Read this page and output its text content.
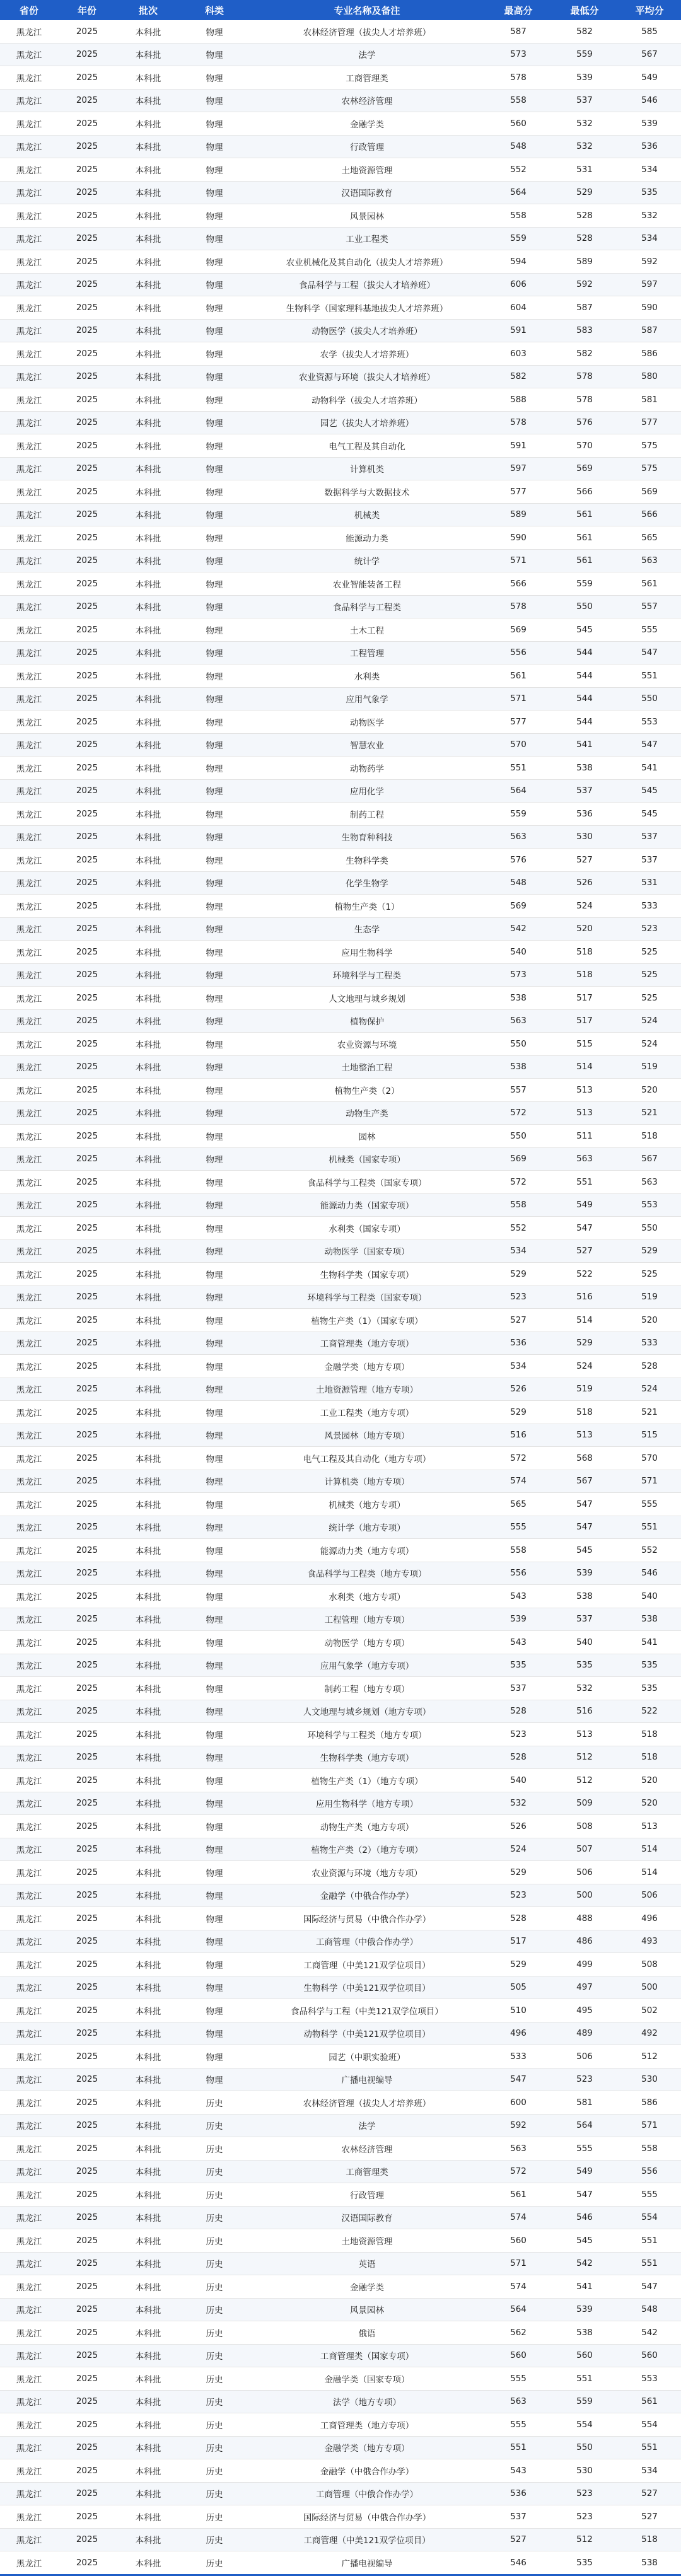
省份	年份	批次	科类	专业名称及备注	最高分	最低分	平均分
黑龙江	2025	本科批	物理	农林经济管理（拔尖人才培养班）	587	582	585
黑龙江	2025	本科批	物理	法学	573	559	567
黑龙江	2025	本科批	物理	工商管理类	578	539	549
黑龙江	2025	本科批	物理	农林经济管理	558	537	546
黑龙江	2025	本科批	物理	金融学类	560	532	539
黑龙江	2025	本科批	物理	行政管理	548	532	536
黑龙江	2025	本科批	物理	土地资源管理	552	531	534
黑龙江	2025	本科批	物理	汉语国际教育	564	529	535
黑龙江	2025	本科批	物理	风景园林	558	528	532
黑龙江	2025	本科批	物理	工业工程类	559	528	534
黑龙江	2025	本科批	物理	农业机械化及其自动化（拔尖人才培养班）	594	589	592
黑龙江	2025	本科批	物理	食品科学与工程（拔尖人才培养班）	606	592	597
黑龙江	2025	本科批	物理	生物科学（国家理科基地拔尖人才培养班）	604	587	590
黑龙江	2025	本科批	物理	动物医学（拔尖人才培养班）	591	583	587
黑龙江	2025	本科批	物理	农学（拔尖人才培养班）	603	582	586
黑龙江	2025	本科批	物理	农业资源与环境（拔尖人才培养班）	582	578	580
黑龙江	2025	本科批	物理	动物科学（拔尖人才培养班）	588	578	581
黑龙江	2025	本科批	物理	园艺（拔尖人才培养班）	578	576	577
黑龙江	2025	本科批	物理	电气工程及其自动化	591	570	575
黑龙江	2025	本科批	物理	计算机类	597	569	575
黑龙江	2025	本科批	物理	数据科学与大数据技术	577	566	569
黑龙江	2025	本科批	物理	机械类	589	561	566
黑龙江	2025	本科批	物理	能源动力类	590	561	565
黑龙江	2025	本科批	物理	统计学	571	561	563
黑龙江	2025	本科批	物理	农业智能装备工程	566	559	561
黑龙江	2025	本科批	物理	食品科学与工程类	578	550	557
黑龙江	2025	本科批	物理	土木工程	569	545	555
黑龙江	2025	本科批	物理	工程管理	556	544	547
黑龙江	2025	本科批	物理	水利类	561	544	551
黑龙江	2025	本科批	物理	应用气象学	571	544	550
黑龙江	2025	本科批	物理	动物医学	577	544	553
黑龙江	2025	本科批	物理	智慧农业	570	541	547
黑龙江	2025	本科批	物理	动物药学	551	538	541
黑龙江	2025	本科批	物理	应用化学	564	537	545
黑龙江	2025	本科批	物理	制药工程	559	536	545
黑龙江	2025	本科批	物理	生物育种科技	563	530	537
黑龙江	2025	本科批	物理	生物科学类	576	527	537
黑龙江	2025	本科批	物理	化学生物学	548	526	531
黑龙江	2025	本科批	物理	植物生产类（1）	569	524	533
黑龙江	2025	本科批	物理	生态学	542	520	523
黑龙江	2025	本科批	物理	应用生物科学	540	518	525
黑龙江	2025	本科批	物理	环境科学与工程类	573	518	525
黑龙江	2025	本科批	物理	人文地理与城乡规划	538	517	525
黑龙江	2025	本科批	物理	植物保护	563	517	524
黑龙江	2025	本科批	物理	农业资源与环境	550	515	524
黑龙江	2025	本科批	物理	土地整治工程	538	514	519
黑龙江	2025	本科批	物理	植物生产类（2）	557	513	520
黑龙江	2025	本科批	物理	动物生产类	572	513	521
黑龙江	2025	本科批	物理	园林	550	511	518
黑龙江	2025	本科批	物理	机械类（国家专项）	569	563	567
黑龙江	2025	本科批	物理	食品科学与工程类（国家专项）	572	551	563
黑龙江	2025	本科批	物理	能源动力类（国家专项）	558	549	553
黑龙江	2025	本科批	物理	水利类（国家专项）	552	547	550
黑龙江	2025	本科批	物理	动物医学（国家专项）	534	527	529
黑龙江	2025	本科批	物理	生物科学类（国家专项）	529	522	525
黑龙江	2025	本科批	物理	环境科学与工程类（国家专项）	523	516	519
黑龙江	2025	本科批	物理	植物生产类（1）（国家专项）	527	514	520
黑龙江	2025	本科批	物理	工商管理类（地方专项）	536	529	533
黑龙江	2025	本科批	物理	金融学类（地方专项）	534	524	528
黑龙江	2025	本科批	物理	土地资源管理（地方专项）	526	519	524
黑龙江	2025	本科批	物理	工业工程类（地方专项）	529	518	521
黑龙江	2025	本科批	物理	风景园林（地方专项）	516	513	515
黑龙江	2025	本科批	物理	电气工程及其自动化（地方专项）	572	568	570
黑龙江	2025	本科批	物理	计算机类（地方专项）	574	567	571
黑龙江	2025	本科批	物理	机械类（地方专项）	565	547	555
黑龙江	2025	本科批	物理	统计学（地方专项）	555	547	551
黑龙江	2025	本科批	物理	能源动力类（地方专项）	558	545	552
黑龙江	2025	本科批	物理	食品科学与工程类（地方专项）	556	539	546
黑龙江	2025	本科批	物理	水利类（地方专项）	543	538	540
黑龙江	2025	本科批	物理	工程管理（地方专项）	539	537	538
黑龙江	2025	本科批	物理	动物医学（地方专项）	543	540	541
黑龙江	2025	本科批	物理	应用气象学（地方专项）	535	535	535
黑龙江	2025	本科批	物理	制药工程（地方专项）	537	532	535
黑龙江	2025	本科批	物理	人文地理与城乡规划（地方专项）	528	516	522
黑龙江	2025	本科批	物理	环境科学与工程类（地方专项）	523	513	518
黑龙江	2025	本科批	物理	生物科学类（地方专项）	528	512	518
黑龙江	2025	本科批	物理	植物生产类（1）（地方专项）	540	512	520
黑龙江	2025	本科批	物理	应用生物科学（地方专项）	532	509	520
黑龙江	2025	本科批	物理	动物生产类（地方专项）	526	508	513
黑龙江	2025	本科批	物理	植物生产类（2）（地方专项）	524	507	514
黑龙江	2025	本科批	物理	农业资源与环境（地方专项）	529	506	514
黑龙江	2025	本科批	物理	金融学（中俄合作办学）	523	500	506
黑龙江	2025	本科批	物理	国际经济与贸易（中俄合作办学）	528	488	496
黑龙江	2025	本科批	物理	工商管理（中俄合作办学）	517	486	493
黑龙江	2025	本科批	物理	工商管理（中美121双学位项目）	529	499	508
黑龙江	2025	本科批	物理	生物科学（中美121双学位项目）	505	497	500
黑龙江	2025	本科批	物理	食品科学与工程（中美121双学位项目）	510	495	502
黑龙江	2025	本科批	物理	动物科学（中美121双学位项目）	496	489	492
黑龙江	2025	本科批	物理	园艺（中职实验班）	533	506	512
黑龙江	2025	本科批	物理	广播电视编导	547	523	530
黑龙江	2025	本科批	历史	农林经济管理（拔尖人才培养班）	600	581	586
黑龙江	2025	本科批	历史	法学	592	564	571
黑龙江	2025	本科批	历史	农林经济管理	563	555	558
黑龙江	2025	本科批	历史	工商管理类	572	549	556
黑龙江	2025	本科批	历史	行政管理	561	547	555
黑龙江	2025	本科批	历史	汉语国际教育	574	546	554
黑龙江	2025	本科批	历史	土地资源管理	560	545	551
黑龙江	2025	本科批	历史	英语	571	542	551
黑龙江	2025	本科批	历史	金融学类	574	541	547
黑龙江	2025	本科批	历史	风景园林	564	539	548
黑龙江	2025	本科批	历史	俄语	562	538	542
黑龙江	2025	本科批	历史	工商管理类（国家专项）	560	560	560
黑龙江	2025	本科批	历史	金融学类（国家专项）	555	551	553
黑龙江	2025	本科批	历史	法学（地方专项）	563	559	561
黑龙江	2025	本科批	历史	工商管理类（地方专项）	555	554	554
黑龙江	2025	本科批	历史	金融学类（地方专项）	551	550	551
黑龙江	2025	本科批	历史	金融学（中俄合作办学）	543	530	534
黑龙江	2025	本科批	历史	工商管理（中俄合作办学）	536	523	527
黑龙江	2025	本科批	历史	国际经济与贸易（中俄合作办学）	537	523	527
黑龙江	2025	本科批	历史	工商管理（中美121双学位项目）	527	512	518
黑龙江	2025	本科批	历史	广播电视编导	546	535	538
